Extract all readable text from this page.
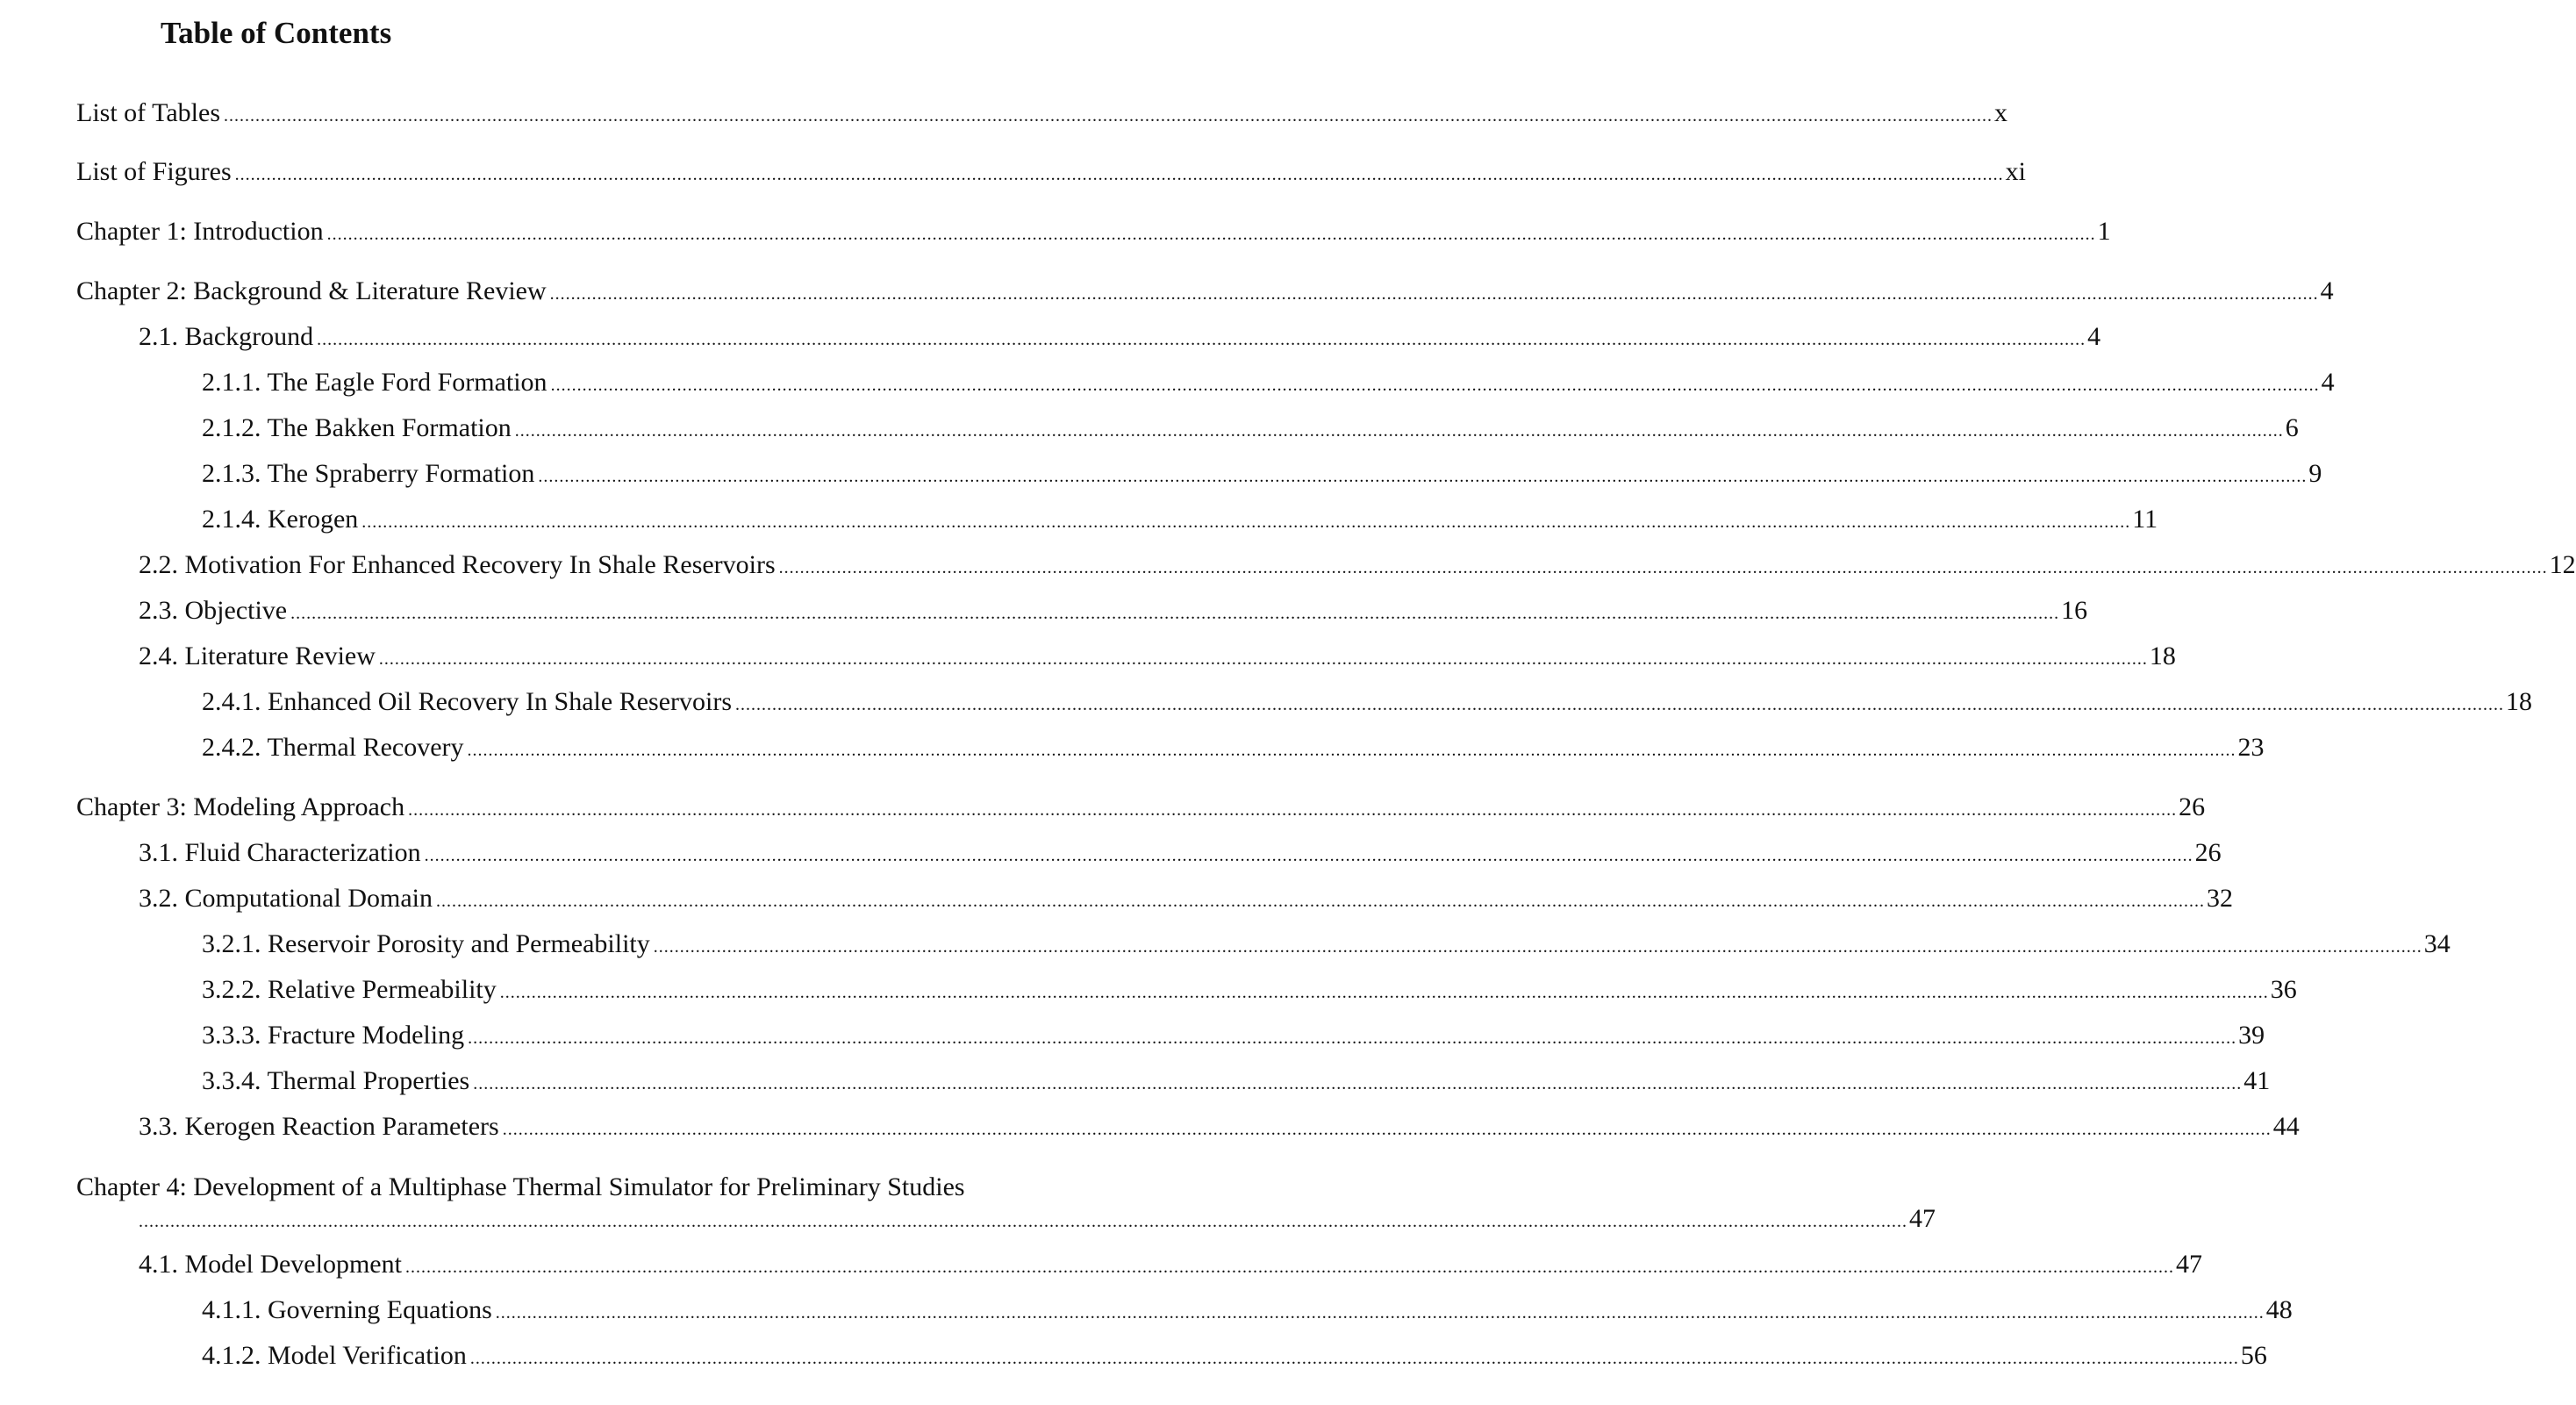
Table of Contents
List of Tables ................................................................................................................................................................................................................................................................................................................................................ x
List of Figures ................................................................................................................................................................................................................................................................................................................................................ xi
Chapter 1: Introduction ................................................................................................................................................................................................................................................................................................................................................ 1
Chapter 2: Background & Literature Review ................................................................................................................................................................................................................................................................................................................................................ 4
2.1. Background ................................................................................................................................................................................................................................................................................................................................................ 4
2.1.1. The Eagle Ford Formation ................................................................................................................................................................................................................................................................................................................................................ 4
2.1.2. The Bakken Formation ................................................................................................................................................................................................................................................................................................................................................ 6
2.1.3. The Spraberry Formation ................................................................................................................................................................................................................................................................................................................................................ 9
2.1.4. Kerogen ................................................................................................................................................................................................................................................................................................................................................ 11
2.2. Motivation For Enhanced Recovery In Shale Reservoirs ................................................................................................................................................................................................................................................................................................................................................ 12
2.3. Objective ................................................................................................................................................................................................................................................................................................................................................ 16
2.4. Literature Review ................................................................................................................................................................................................................................................................................................................................................ 18
2.4.1. Enhanced Oil Recovery In Shale Reservoirs ................................................................................................................................................................................................................................................................................................................................................ 18
2.4.2. Thermal Recovery ................................................................................................................................................................................................................................................................................................................................................ 23
Chapter 3: Modeling Approach ................................................................................................................................................................................................................................................................................................................................................ 26
3.1. Fluid Characterization ................................................................................................................................................................................................................................................................................................................................................ 26
3.2. Computational Domain ................................................................................................................................................................................................................................................................................................................................................ 32
3.2.1. Reservoir Porosity and Permeability ................................................................................................................................................................................................................................................................................................................................................ 34
3.2.2. Relative Permeability ................................................................................................................................................................................................................................................................................................................................................ 36
3.3.3. Fracture Modeling ................................................................................................................................................................................................................................................................................................................................................ 39
3.3.4. Thermal Properties ................................................................................................................................................................................................................................................................................................................................................ 41
3.3. Kerogen Reaction Parameters ................................................................................................................................................................................................................................................................................................................................................ 44
Chapter 4: Development of a Multiphase Thermal Simulator for Preliminary Studies
................................................................................................................................................................................................................................................................................................................................................ 47
4.1. Model Development ................................................................................................................................................................................................................................................................................................................................................ 47
4.1.1. Governing Equations ................................................................................................................................................................................................................................................................................................................................................ 48
4.1.2. Model Verification ................................................................................................................................................................................................................................................................................................................................................ 56
